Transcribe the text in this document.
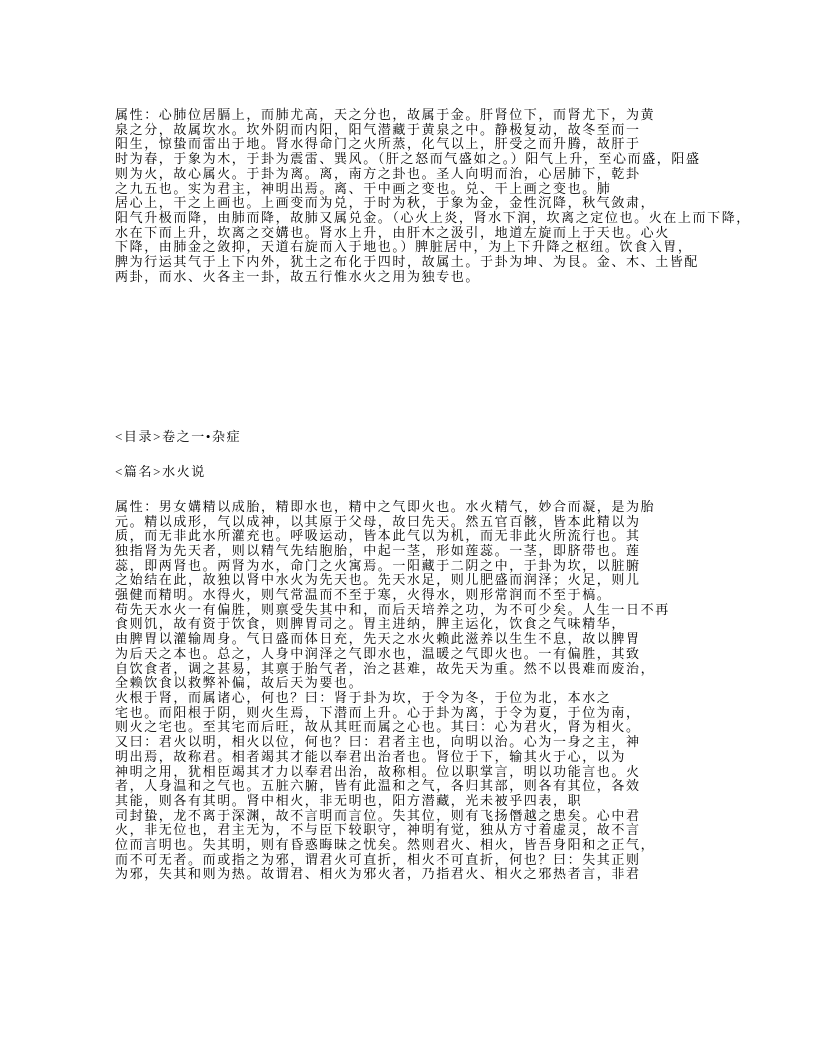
属性：心肺位居膈上，而肺尤高，天之分也，故属于金。肝肾位下，而肾尤下，为黄
泉之分，故属坎水。坎外阴而内阳，阳气潜藏于黄泉之中。静极复动，故冬至而一
阳生，惊蛰而雷出于地。肾水得命门之火所蒸，化气以上，肝受之而升腾，故肝于
时为春，于象为木，于卦为震雷、巽风。（肝之怒而气盛如之。）阳气上升，至心而盛，阳盛
则为火，故心属火。于卦为离。离，南方之卦也。圣人向明而治，心居肺下，乾卦
之九五也。实为君主，神明出焉。离、干中画之变也。兑、干上画之变也。肺
居心上，干之上画也。上画变而为兑，于时为秋，于象为金，金性沉降，秋气敛肃，
阳气升极而降，由肺而降，故肺又属兑金。（心火上炎，肾水下润，坎离之定位也。火在上而下降，
水在下而上升，坎离之交媾也。肾水上升，由肝木之汲引，地道左旋而上于天也。心火
下降，由肺金之敛抑，天道右旋而入于地也。）脾脏居中，为上下升降之枢纽。饮食入胃，
脾为行运其气于上下内外，犹土之布化于四时，故属土。于卦为坤、为艮。金、木、土皆配
两卦，而水、火各主一卦，故五行惟水火之用为独专也。
<目录>卷之一•杂症
<篇名>水火说
属性：男女媾精以成胎，精即水也，精中之气即火也。水火精气，妙合而凝，是为胎
元。精以成形，气以成神，以其原于父母，故曰先天。然五官百骸，皆本此精以为
质，而无非此水所灌充也。呼吸运动，皆本此气以为机，而无非此火所流行也。其
独指肾为先天者，则以精气先结胞胎，中起一茎，形如莲蕊。一茎，即脐带也。莲
蕊，即两肾也。两肾为水，命门之火寓焉。一阳藏于二阴之中，于卦为坎，以脏腑
之始结在此，故独以肾中水火为先天也。先天水足，则儿肥盛而润泽；火足，则儿
强健而精明。水得火，则气常温而不至于寒，火得水，则形常润而不至于槁。
苟先天水火一有偏胜，则禀受失其中和，而后天培养之功，为不可少矣。人生一日不再
食则饥，故有资于饮食，则脾胃司之。胃主进纳，脾主运化，饮食之气味精华，
由脾胃以灌输周身。气日盛而体日充，先天之水火赖此滋养以生生不息，故以脾胃
为后天之本也。总之，人身中润泽之气即水也，温暖之气即火也。一有偏胜，其致
自饮食者，调之甚易，其禀于胎气者，治之甚难，故先天为重。然不以畏难而废治，
全赖饮食以救弊补偏，故后天为要也。
火根于肾，而属诸心，何也？曰：肾于卦为坎，于令为冬，于位为北，本水之
宅也。而阳根于阴，则火生焉，下潜而上升。心于卦为离，于令为夏，于位为南，
则火之宅也。至其宅而后旺，故从其旺而属之心也。其曰：心为君火，肾为相火。
又曰：君火以明，相火以位，何也？曰：君者主也，向明以治。心为一身之主，神
明出焉，故称君。相者竭其才能以奉君出治者也。肾位于下，输其火于心，以为
神明之用，犹相臣竭其才力以奉君出治，故称相。位以职掌言，明以功能言也。火
者，人身温和之气也。五脏六腑，皆有此温和之气，各归其部，则各有其位，各效
其能，则各有其明。肾中相火，非无明也，阳方潜藏，光未被乎四表，职
司封蛰，龙不离于深渊，故不言明而言位。失其位，则有飞扬僭越之患矣。心中君
火，非无位也，君主无为，不与臣下较职守，神明有觉，独从方寸着虚灵，故不言
位而言明也。失其明，则有昏惑晦昧之忧矣。然则君火、相火，皆吾身阳和之正气，
而不可无者。而或指之为邪，谓君火可直折，相火不可直折，何也？曰：失其正则
为邪，失其和则为热。故谓君、相火为邪火者，乃指君火、相火之邪热者言，非君
